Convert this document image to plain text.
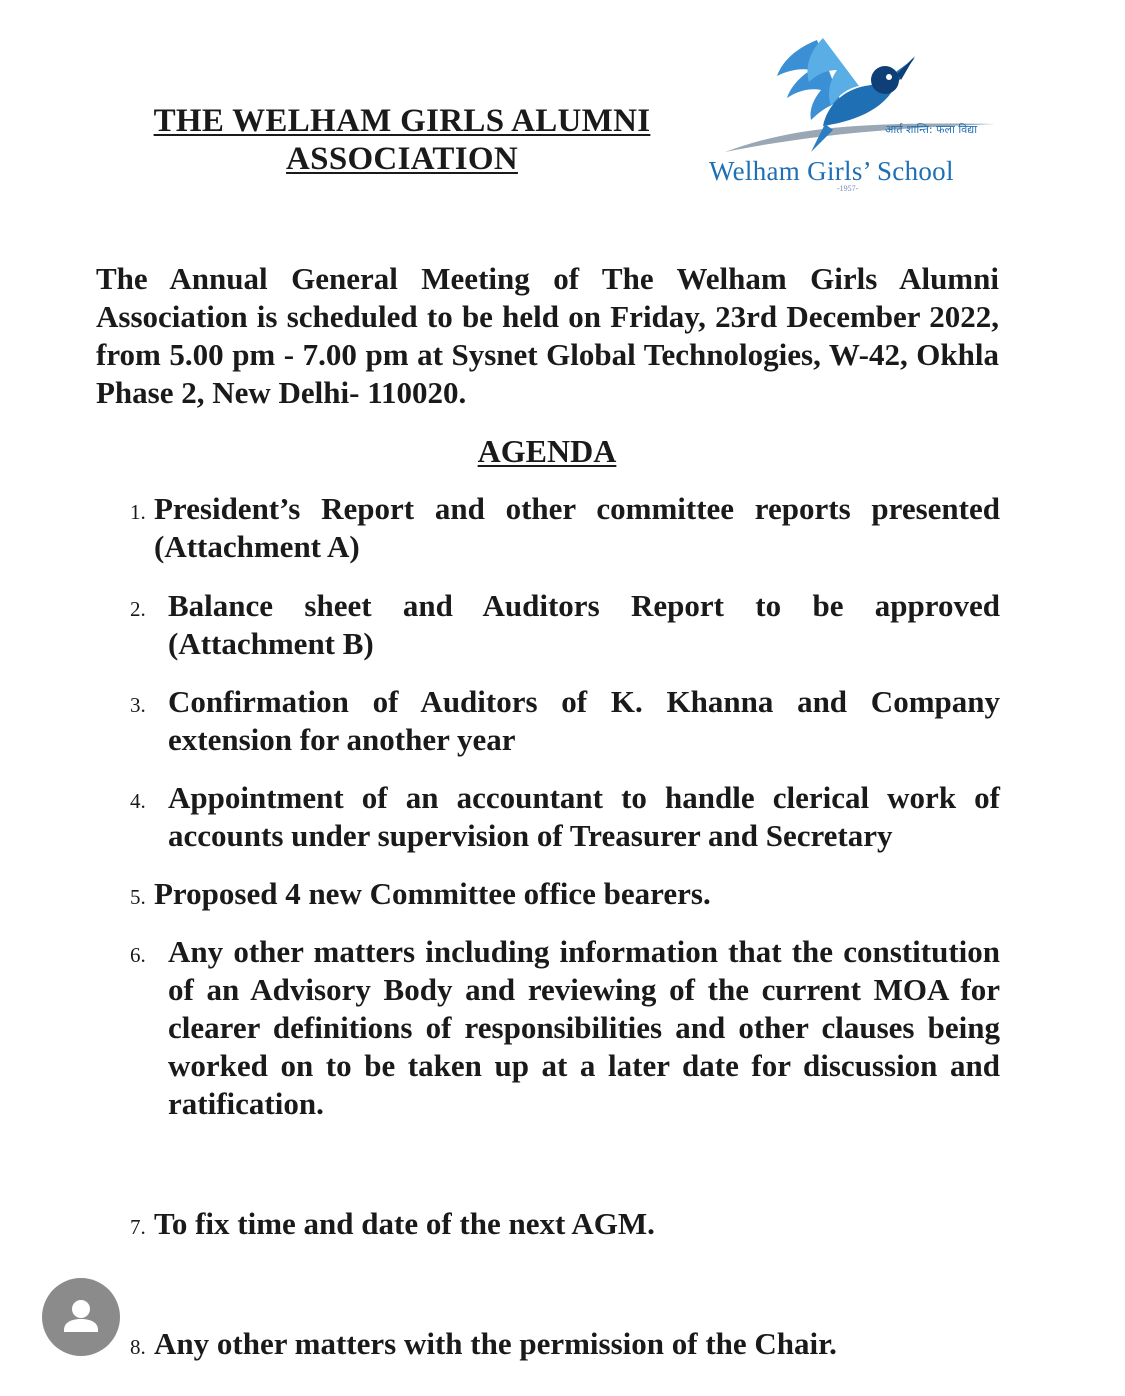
THE WELHAM GIRLS ALUMNI
ASSOCIATION
आर्त शान्ति: फला विद्या
Welham Girls’ School
-1957-
The Annual General Meeting of The Welham Girls Alumni Association is scheduled to be held on Friday, 23rd December 2022, from 5.00 pm - 7.00 pm at Sysnet Global Technologies, W-42, Okhla Phase 2, New Delhi- 110020.
AGENDA
1. President’s Report and other committee reports presented (Attachment A)
2. Balance sheet and Auditors Report to be approved (Attachment B)
3. Confirmation of Auditors of K. Khanna and Company extension for another year
4. Appointment of an accountant to handle clerical work of accounts under supervision of Treasurer and Secretary
5. Proposed 4 new Committee office bearers.
6. Any other matters including information that the constitution of an Advisory Body and reviewing of the current MOA for clearer definitions of responsibilities and other clauses being worked on to be taken up at a later date for discussion and ratification.
7. To fix time and date of the next AGM.
8. Any other matters with the permission of the Chair.
